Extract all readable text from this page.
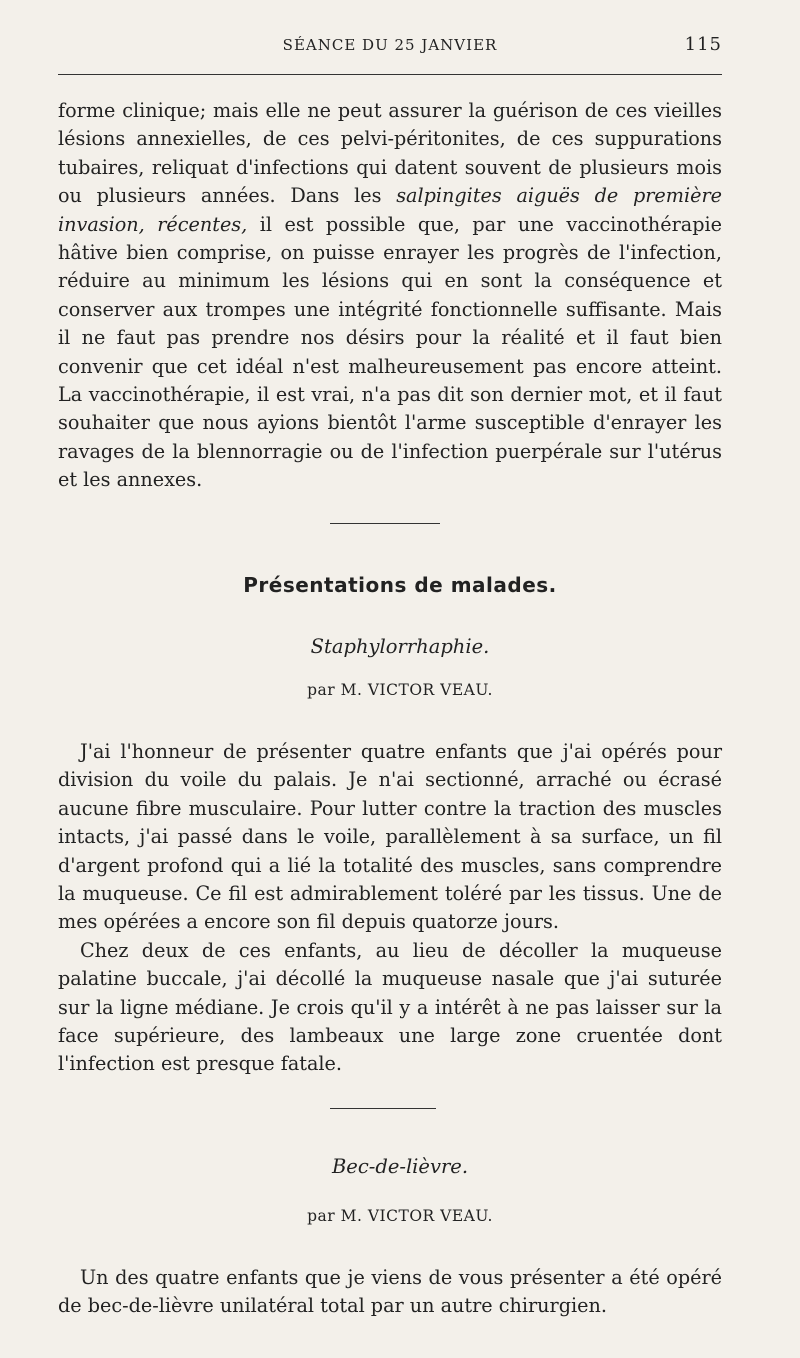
SÉANCE DU 25 JANVIER	115

forme clinique; mais elle ne peut assurer la guérison de ces vieilles lésions annexielles, de ces pelvi-péritonites, de ces suppurations tubaires, reliquat d'infections qui datent souvent de plusieurs mois ou plusieurs années. Dans les salpingites aiguës de première invasion, récentes, il est possible que, par une vaccinothérapie hâtive bien comprise, on puisse enrayer les progrès de l'infection, réduire au minimum les lésions qui en sont la conséquence et conserver aux trompes une intégrité fonctionnelle suffisante. Mais il ne faut pas prendre nos désirs pour la réalité et il faut bien convenir que cet idéal n'est malheureusement pas encore atteint. La vaccinothérapie, il est vrai, n'a pas dit son dernier mot, et il faut souhaiter que nous ayions bientôt l'arme susceptible d'enrayer les ravages de la blennorragie ou de l'infection puerpérale sur l'utérus et les annexes.

Présentations de malades.
Staphylorrhaphie.
par M. VICTOR VEAU.

J'ai l'honneur de présenter quatre enfants que j'ai opérés pour division du voile du palais. Je n'ai sectionné, arraché ou écrasé aucune fibre musculaire. Pour lutter contre la traction des muscles intacts, j'ai passé dans le voile, parallèlement à sa surface, un fil d'argent profond qui a lié la totalité des muscles, sans comprendre la muqueuse. Ce fil est admirablement toléré par les tissus. Une de mes opérées a encore son fil depuis quatorze jours.

Chez deux de ces enfants, au lieu de décoller la muqueuse palatine buccale, j'ai décollé la muqueuse nasale que j'ai suturée sur la ligne médiane. Je crois qu'il y a intérêt à ne pas laisser sur la face supérieure, des lambeaux une large zone cruentée dont l'infection est presque fatale.

Bec-de-lièvre.
par M. VICTOR VEAU.

Un des quatre enfants que je viens de vous présenter a été opéré de bec-de-lièvre unilatéral total par un autre chirurgien.
